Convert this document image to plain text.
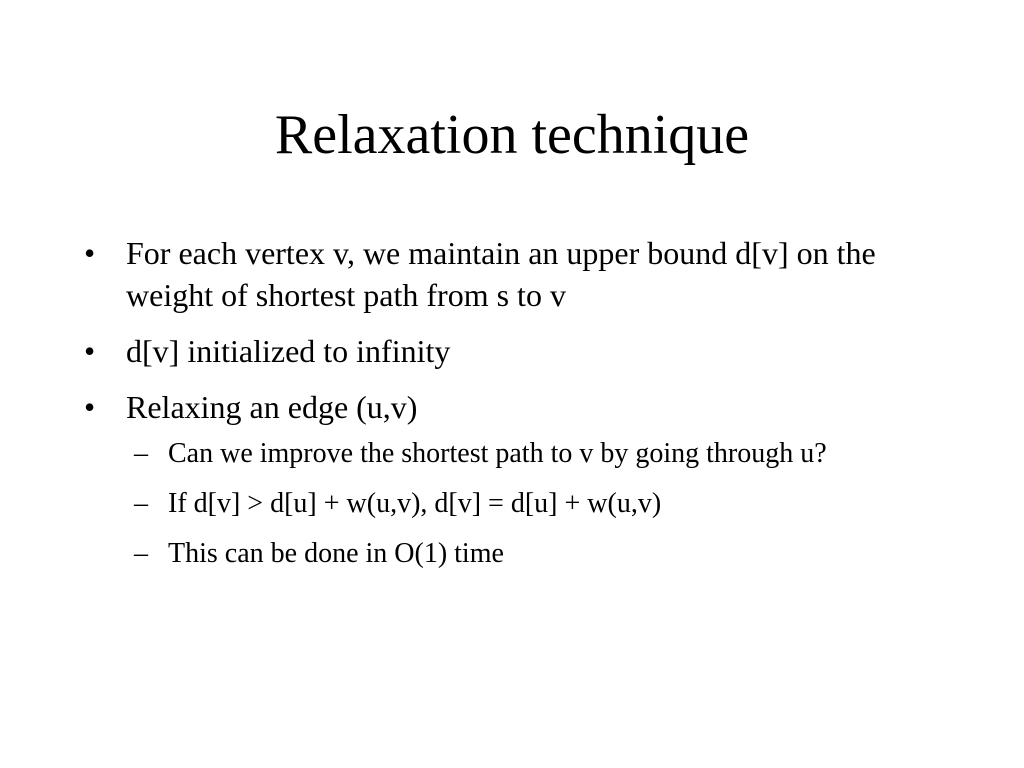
Relaxation technique
• For each vertex v, we maintain an upper bound d[v] on the weight of shortest path from s to v
• d[v] initialized to infinity
• Relaxing an edge (u,v)
– Can we improve the shortest path to v by going through u?
– If d[v] > d[u] + w(u,v), d[v] = d[u] + w(u,v)
– This can be done in O(1) time
